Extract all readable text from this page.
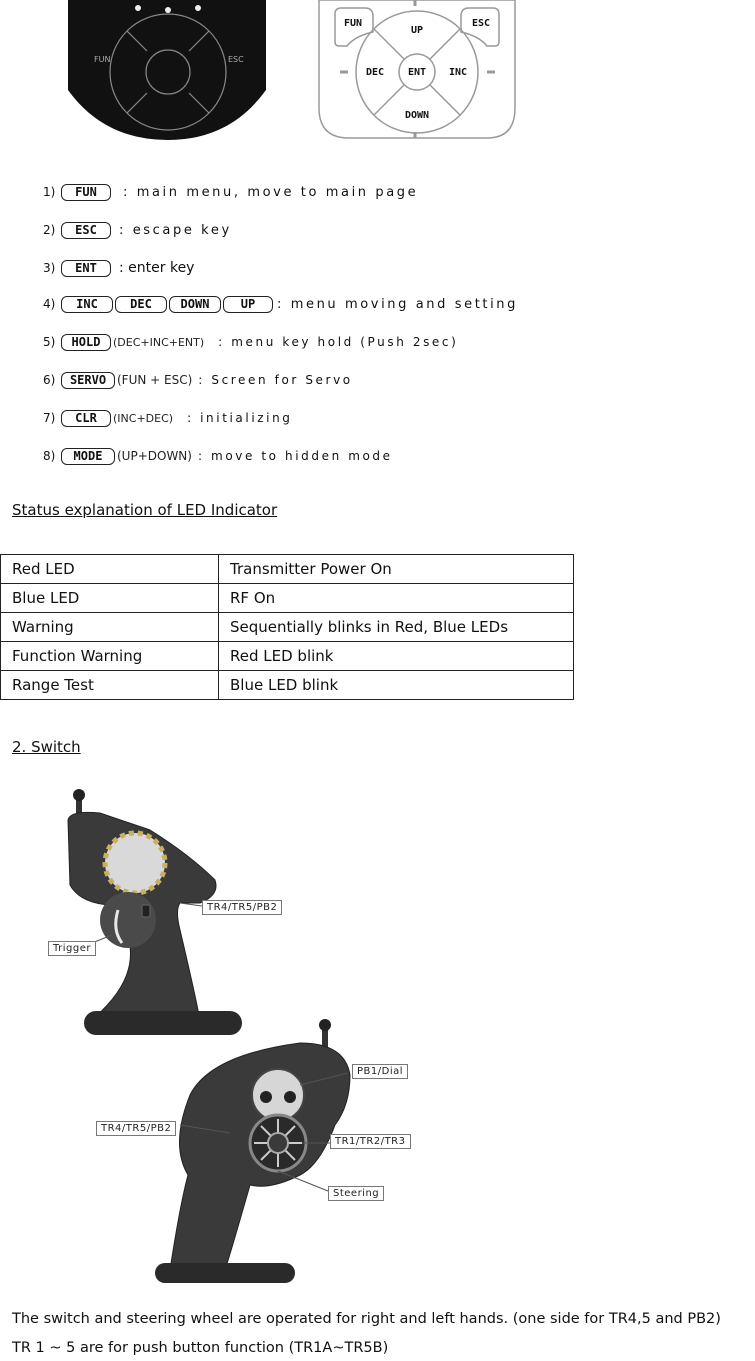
FUN	ESC
FUN
UP
ESC
DEC ENT INC
DOWN
1)	FUN	: main menu, move to main page
2)	ESC	: escape key
3)	ENT	: enter key
4)	INC	DEC	DOWN	UP	: menu moving and setting
5)	HOLD	(DEC+INC+ENT) : menu key hold (Push 2sec)
6)	SERVO (FUN + ESC) : Screen for Servo
7)	CLR	(INC+DEC) : initializing
8)	MODE	(UP+DOWN) : move to hidden mode
Status explanation of LED Indicator
Red LED	Transmitter Power On
Blue LED	RF On
Warning	Sequentially blinks in Red, Blue LEDs
Function Warning	Red LED blink
Range Test	Blue LED blink
2. Switch
TR4/TR5/PB2
Trigger
PB1/Dial
TR4/TR5/PB2
TR1/TR2/TR3
Steering
The switch and steering wheel are operated for right and left hands. (one side for TR4,5 and PB2)
TR 1 ~ 5 are for push button function (TR1A~TR5B)
